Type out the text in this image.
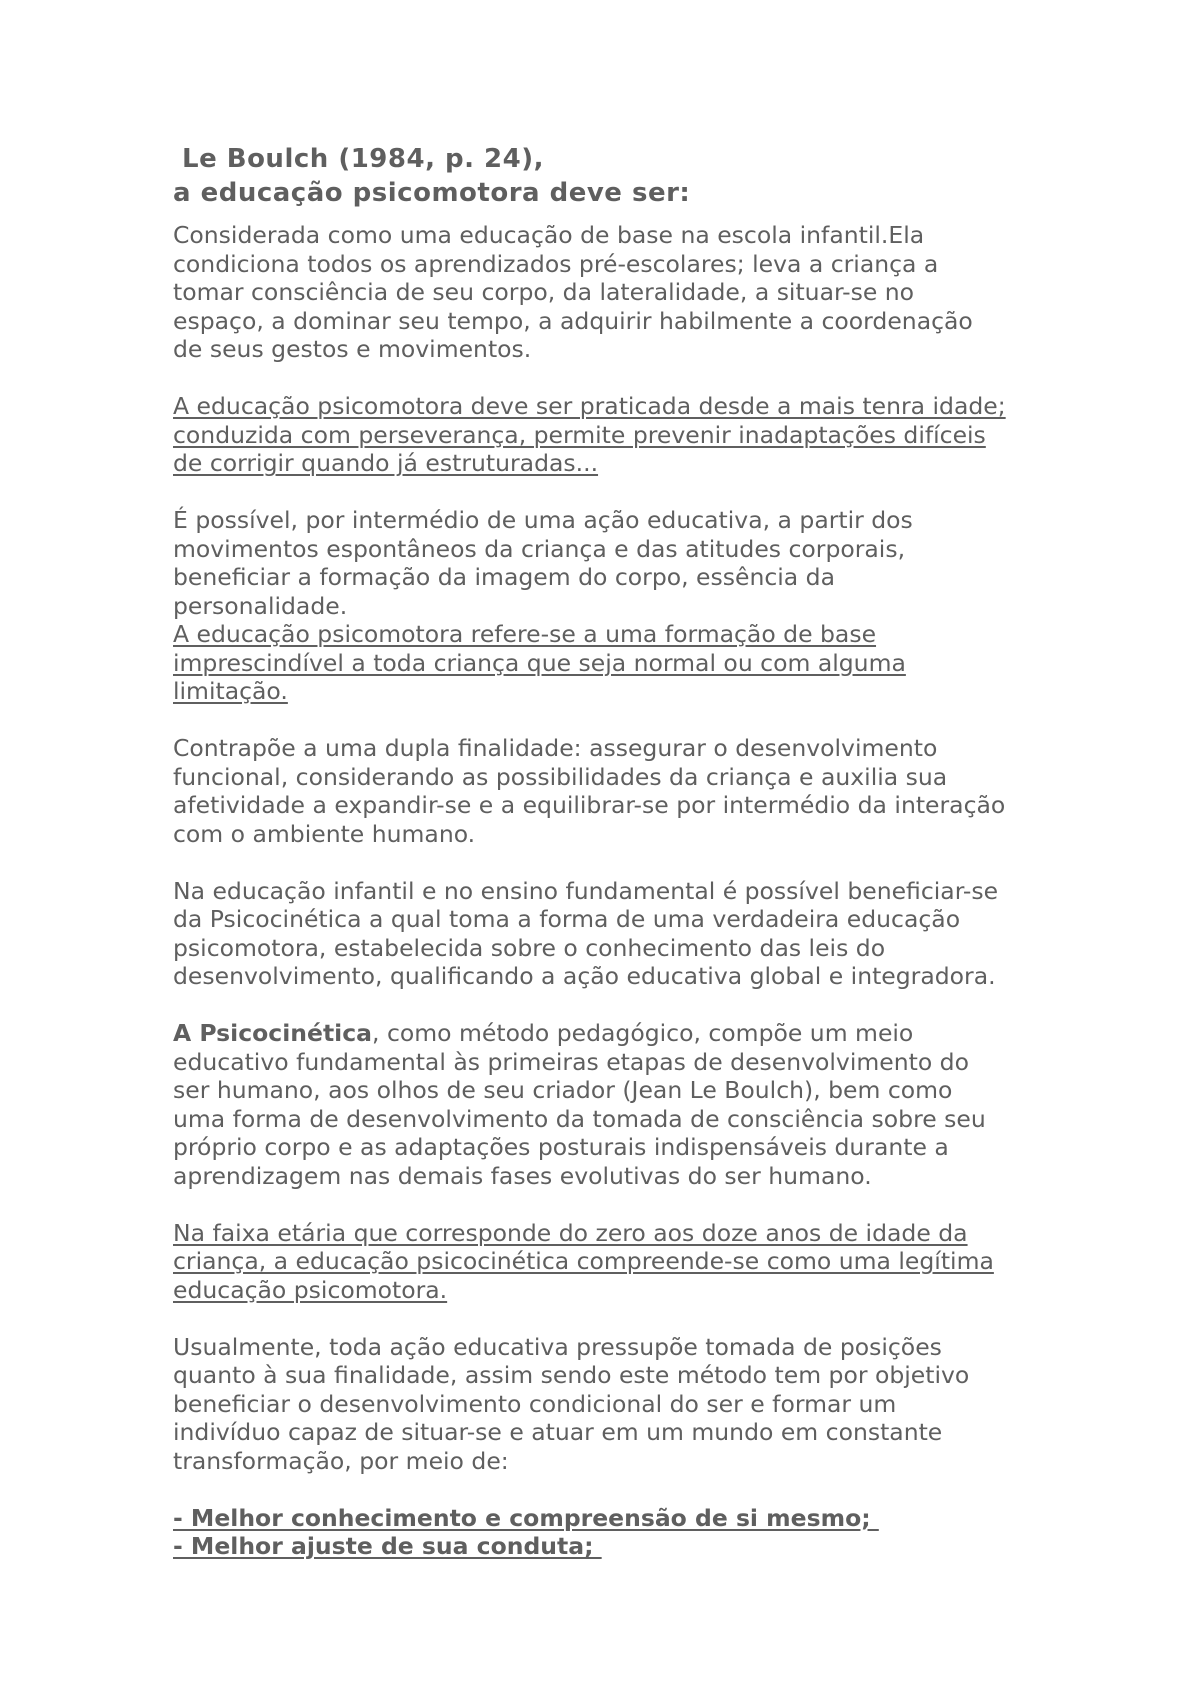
Le Boulch (1984, p. 24),

a educação psicomotora deve ser:

Considerada como uma educação de base na escola infantil.Ela
condiciona todos os aprendizados pré-escolares; leva a criança a
tomar consciência de seu corpo, da lateralidade, a situar-se no
espaço, a dominar seu tempo, a adquirir habilmente a coordenação
de seus gestos e movimentos.

A educação psicomotora deve ser praticada desde a mais tenra idade;
conduzida com perseverança, permite prevenir inadaptações difíceis
de corrigir quando já estruturadas...

É possível, por intermédio de uma ação educativa, a partir dos
movimentos espontâneos da criança e das atitudes corporais,
beneficiar a formação da imagem do corpo, essência da
personalidade.

A educação psicomotora refere-se a uma formação de base
imprescindível a toda criança que seja normal ou com alguma
limitação.

Contrapõe a uma dupla finalidade: assegurar o desenvolvimento
funcional, considerando as possibilidades da criança e auxilia sua
afetividade a expandir-se e a equilibrar-se por intermédio da interação
com o ambiente humano.

Na educação infantil e no ensino fundamental é possível beneficiar-se
da Psicocinética a qual toma a forma de uma verdadeira educação
psicomotora, estabelecida sobre o conhecimento das leis do
desenvolvimento, qualificando a ação educativa global e integradora.

A Psicocinética, como método pedagógico, compõe um meio
educativo fundamental às primeiras etapas de desenvolvimento do
ser humano, aos olhos de seu criador (Jean Le Boulch), bem como
uma forma de desenvolvimento da tomada de consciência sobre seu
próprio corpo e as adaptações posturais indispensáveis durante a
aprendizagem nas demais fases evolutivas do ser humano.

Na faixa etária que corresponde do zero aos doze anos de idade da
criança, a educação psicocinética compreende-se como uma legítima
educação psicomotora.

Usualmente, toda ação educativa pressupõe tomada de posições
quanto à sua finalidade, assim sendo este método tem por objetivo
beneficiar o desenvolvimento condicional do ser e formar um
indivíduo capaz de situar-se e atuar em um mundo em constante
transformação, por meio de:

- Melhor conhecimento e compreensão de si mesmo;
- Melhor ajuste de sua conduta;
